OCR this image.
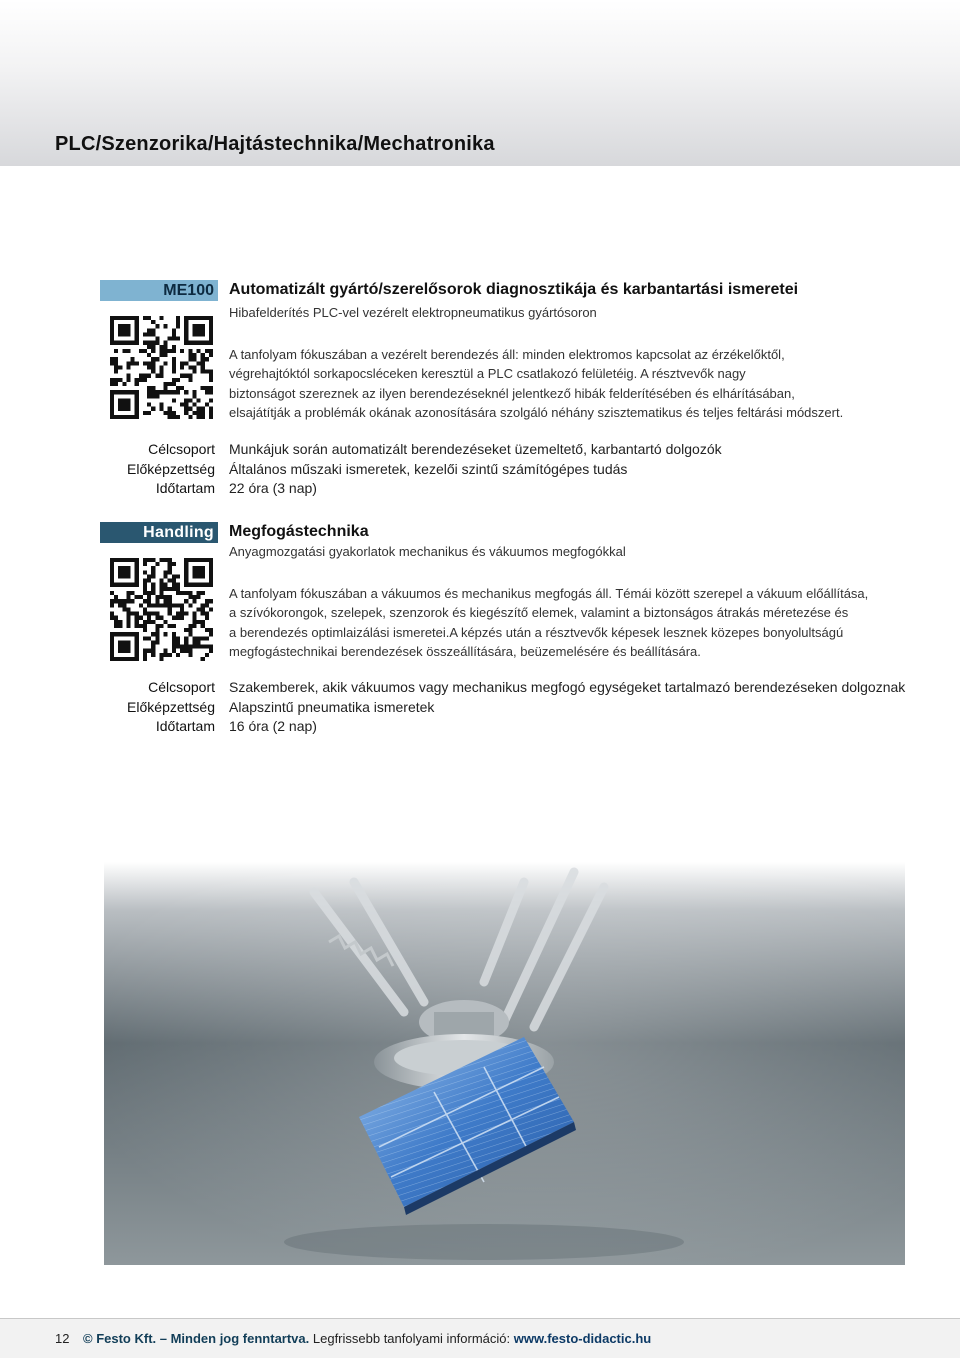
PLC/Szenzorika/Hajtástechnika/Mechatronika
ME100 Automatizált gyártó/szerelősorok diagnosztikája és karbantartási ismeretei
Hibafelderítés PLC-vel vezérelt elektropneumatikus gyártósoron

A tanfolyam fókuszában a vezérelt berendezés áll: minden elektromos kapcsolat az érzékelőktől,

végrehajtóktól sorkapocsléceken keresztül a PLC csatlakozó felületéig. A résztvevők nagy

biztonságot szereznek az ilyen berendezéseknél jelentkező hibák felderítésében és elhárításában,

elsajátítják a problémák okának azonosítására szolgáló néhány szisztematikus és teljes feltárási módszert.

Célcsoport
Előképzettség
Időtartam
Munkájuk során automatizált berendezéseket üzemeltető, karbantartó dolgozók
Általános műszaki ismeretek, kezelői szintű számítógépes tudás
22 óra (3 nap)
Handling Megfogástechnika
Anyagmozgatási gyakorlatok mechanikus és vákuumos megfogókkal

A tanfolyam fókuszában a vákuumos és mechanikus megfogás áll. Témái között szerepel a vákuum előállítása,

a szívókorongok, szelepek, szenzorok és kiegészítő elemek, valamint a biztonságos átrakás méretezése és

a berendezés optimlaizálási ismeretei.A képzés után a résztvevők képesek lesznek közepes bonyolultságú

megfogástechnikai berendezések összeállítására, beüzemelésére és beállítására.

Célcsoport
Előképzettség
Időtartam
Szakemberek, akik vákuumos vagy mechanikus megfogó egységeket tartalmazó berendezéseken dolgoznak
Alapszintű pneumatika ismeretek
16 óra (2 nap)
12 © Festo Kft. – Minden jog fenntartva. Legfrissebb tanfolyami információ: www.festo-didactic.hu
